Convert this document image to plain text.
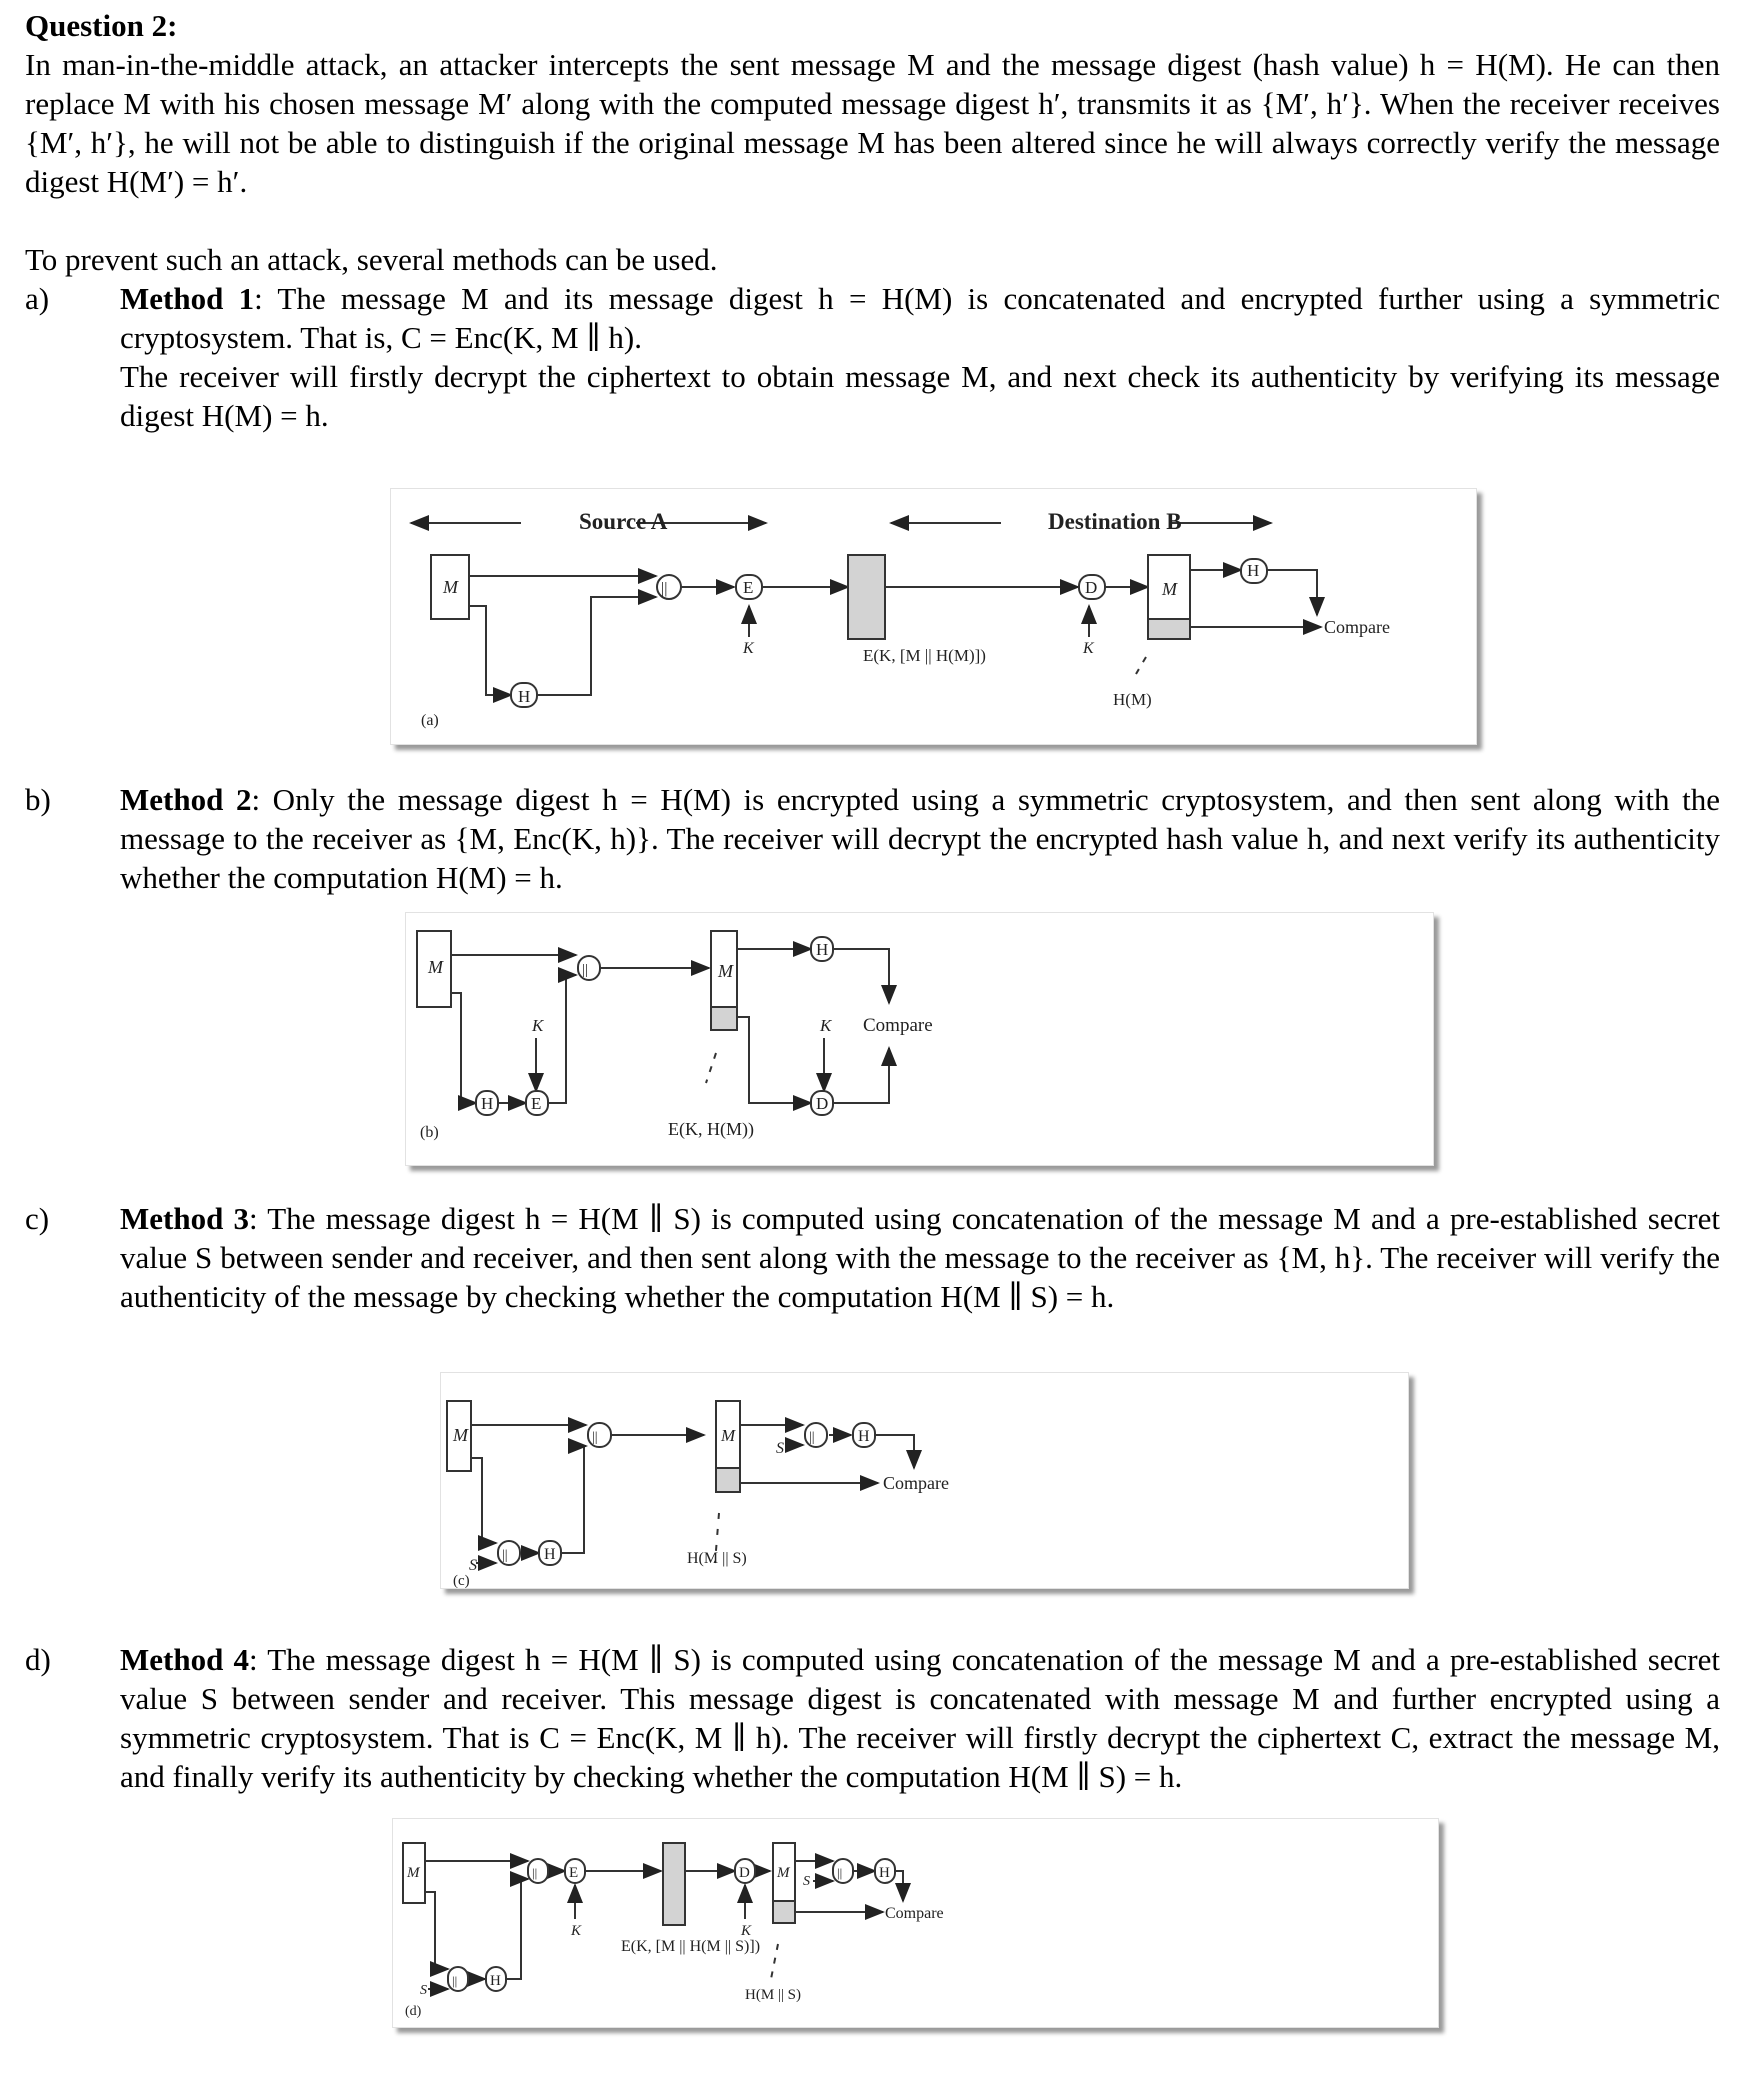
Question 2:
In man-in-the-middle attack, an attacker intercepts the sent message M and the message digest (hash value) h = H(M). He can then replace M with his chosen message M′ along with the computed message digest h′, transmits it as {M′, h′}. When the receiver receives {M′, h′}, he will not be able to distinguish if the original message M has been altered since he will always correctly verify the message digest H(M′) = h′.
To prevent such an attack, several methods can be used.
a) Method 1: The message M and its message digest h = H(M) is concatenated and encrypted further using a symmetric cryptosystem. That is, C = Enc(K, M ∥ h).
The receiver will firstly decrypt the ciphertext to obtain message M, and next check its authenticity by verifying its message digest H(M) = h.
Source A	Destination B
M
H
||	E
K	E(K, [M || H(M)])
D
K
M
H
Compare
H(M)
(a)
b) Method 2: Only the message digest h = H(M) is encrypted using a symmetric cryptosystem, and then sent along with the message to the receiver as {M, Enc(K, h)}. The receiver will decrypt the encrypted hash value h, and next verify its authenticity whether the computation H(M) = h.
M
H E
K
||	M
H
D
K Compare
E(K, H(M))
(b)
c) Method 3: The message digest h = H(M ∥ S) is computed using concatenation of the message M and a pre-established secret value S between sender and receiver, and then sent along with the message to the receiver as {M, h}. The receiver will verify the authenticity of the message by checking whether the computation H(M ∥ S) = h.
M
S
|| H
||	M
S
||	H
Compare
H(M || S)
(c)
d) Method 4: The message digest h = H(M ∥ S) is computed using concatenation of the message M and a pre-established secret value S between sender and receiver. This message digest is concatenated with message M and further encrypted using a symmetric cryptosystem. That is C = Enc(K, M ∥ h). The receiver will firstly decrypt the ciphertext C, extract the message M, and finally verify its authenticity by checking whether the computation H(M ∥ S) = h.
M
S
|| H
|| E
K
E(K, [M || H(M || S)])
D
K
M
S
|| H
Compare
H(M || S)
(d)
